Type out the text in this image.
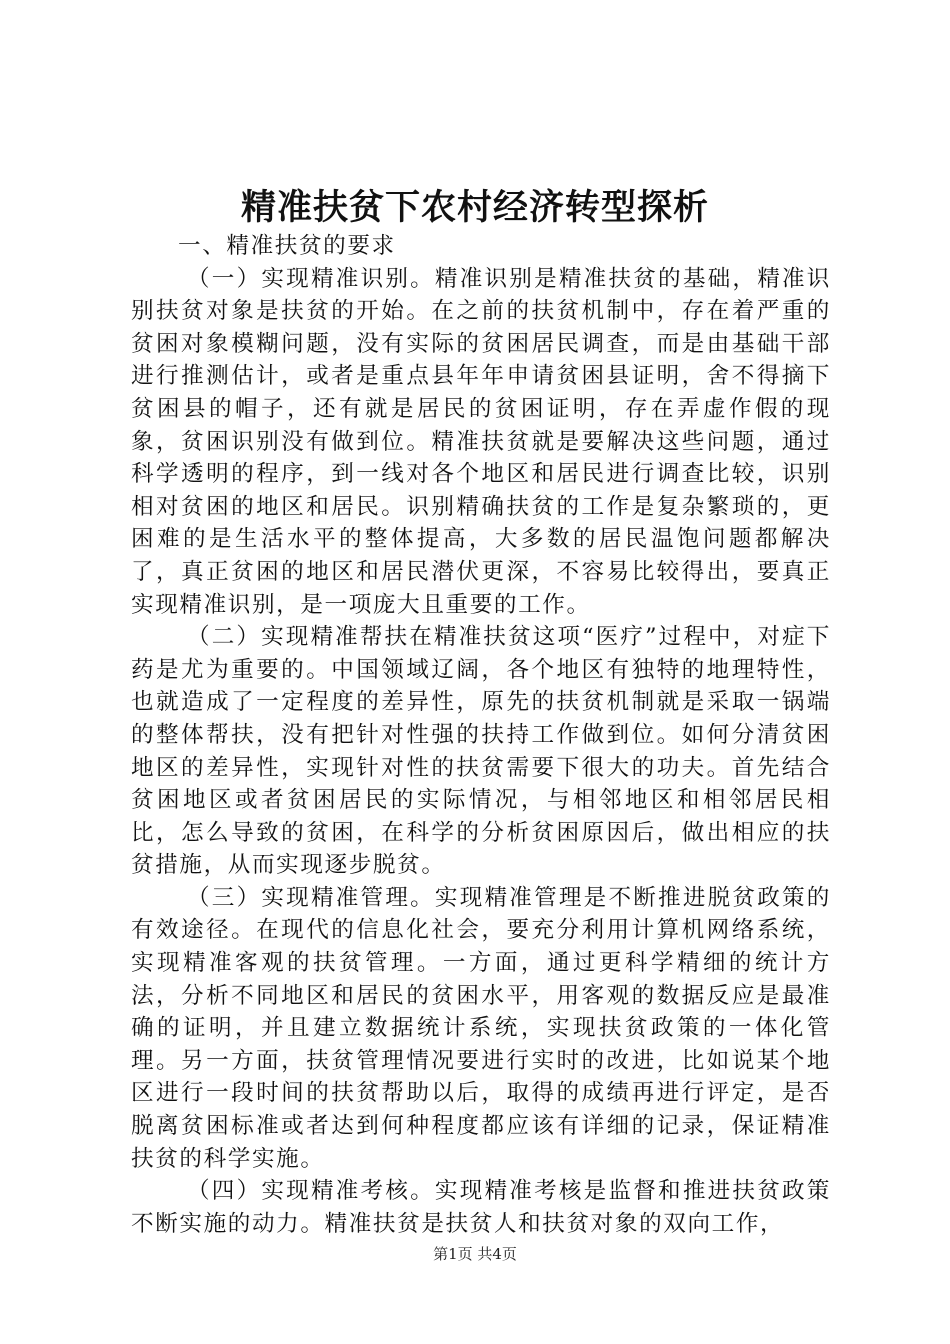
精准扶贫下农村经济转型探析

一、精准扶贫的要求

（一）实现精准识别。精准识别是精准扶贫的基础，精准识别扶贫对象是扶贫的开始。在之前的扶贫机制中，存在着严重的贫困对象模糊问题，没有实际的贫困居民调查，而是由基础干部进行推测估计，或者是重点县年年申请贫困县证明，舍不得摘下贫困县的帽子，还有就是居民的贫困证明，存在弄虚作假的现象，贫困识别没有做到位。精准扶贫就是要解决这些问题，通过科学透明的程序，到一线对各个地区和居民进行调查比较，识别相对贫困的地区和居民。识别精确扶贫的工作是复杂繁琐的，更困难的是生活水平的整体提高，大多数的居民温饱问题都解决了，真正贫困的地区和居民潜伏更深，不容易比较得出，要真正实现精准识别，是一项庞大且重要的工作。

（二）实现精准帮扶在精准扶贫这项“医疗”过程中，对症下药是尤为重要的。中国领域辽阔，各个地区有独特的地理特性，也就造成了一定程度的差异性，原先的扶贫机制就是采取一锅端的整体帮扶，没有把针对性强的扶持工作做到位。如何分清贫困地区的差异性，实现针对性的扶贫需要下很大的功夫。首先结合贫困地区或者贫困居民的实际情况，与相邻地区和相邻居民相比，怎么导致的贫困，在科学的分析贫困原因后，做出相应的扶贫措施，从而实现逐步脱贫。

（三）实现精准管理。实现精准管理是不断推进脱贫政策的有效途径。在现代的信息化社会，要充分利用计算机网络系统，实现精准客观的扶贫管理。一方面，通过更科学精细的统计方法，分析不同地区和居民的贫困水平，用客观的数据反应是最准确的证明，并且建立数据统计系统，实现扶贫政策的一体化管理。另一方面，扶贫管理情况要进行实时的改进，比如说某个地区进行一段时间的扶贫帮助以后，取得的成绩再进行评定，是否脱离贫困标准或者达到何种程度都应该有详细的记录，保证精准扶贫的科学实施。

（四）实现精准考核。实现精准考核是监督和推进扶贫政策不断实施的动力。精准扶贫是扶贫人和扶贫对象的双向工作，

第1页 共4页
